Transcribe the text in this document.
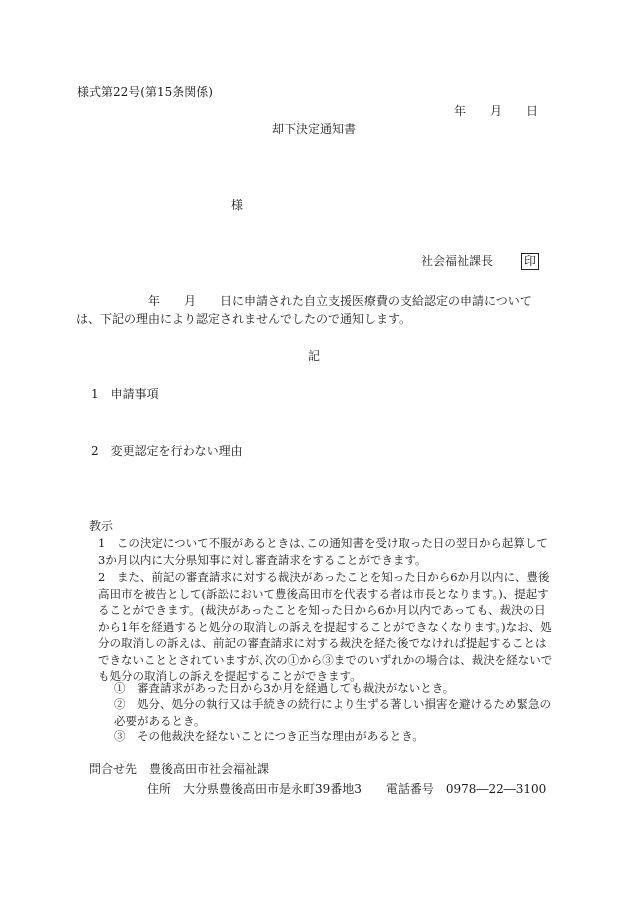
様式第22号(第15条関係)
年　　月　　日
却下決定通知書
様
社会福祉課長	印
　　　　　　年　　月　　日に申請された自立支援医療費の支給認定の申請については、下記の理由により認定されませんでしたので通知します。
記
1　申請事項
2　変更認定を行わない理由
教示
1　この決定について不服があるときは､この通知書を受け取った日の翌日から起算して3か月以内に大分県知事に対し審査請求をすることができます。
2　また、前記の審査請求に対する裁決があったことを知った日から6か月以内に、豊後高田市を被告として(訴訟において豊後高田市を代表する者は市長となります。)、提起することができます。(裁決があったことを知った日から6か月以内であっても、裁決の日から1年を経過すると処分の取消しの訴えを提起することができなくなります。)なお、処分の取消しの訴えは、前記の審査請求に対する裁決を経た後でなければ提起することはできないこととされていますが､次の①から③までのいずれかの場合は、裁決を経ないでも処分の取消しの訴えを提起することができます。
①　審査請求があった日から3か月を経過しても裁決がないとき。
②　処分、処分の執行又は手続きの続行により生ずる著しい損害を避けるため緊急の必要があるとき。
③　その他裁決を経ないことにつき正当な理由があるとき。
問合せ先　豊後高田市社会福祉課
住所　大分県豊後高田市是永町39番地3　　電話番号　0978―22―3100
